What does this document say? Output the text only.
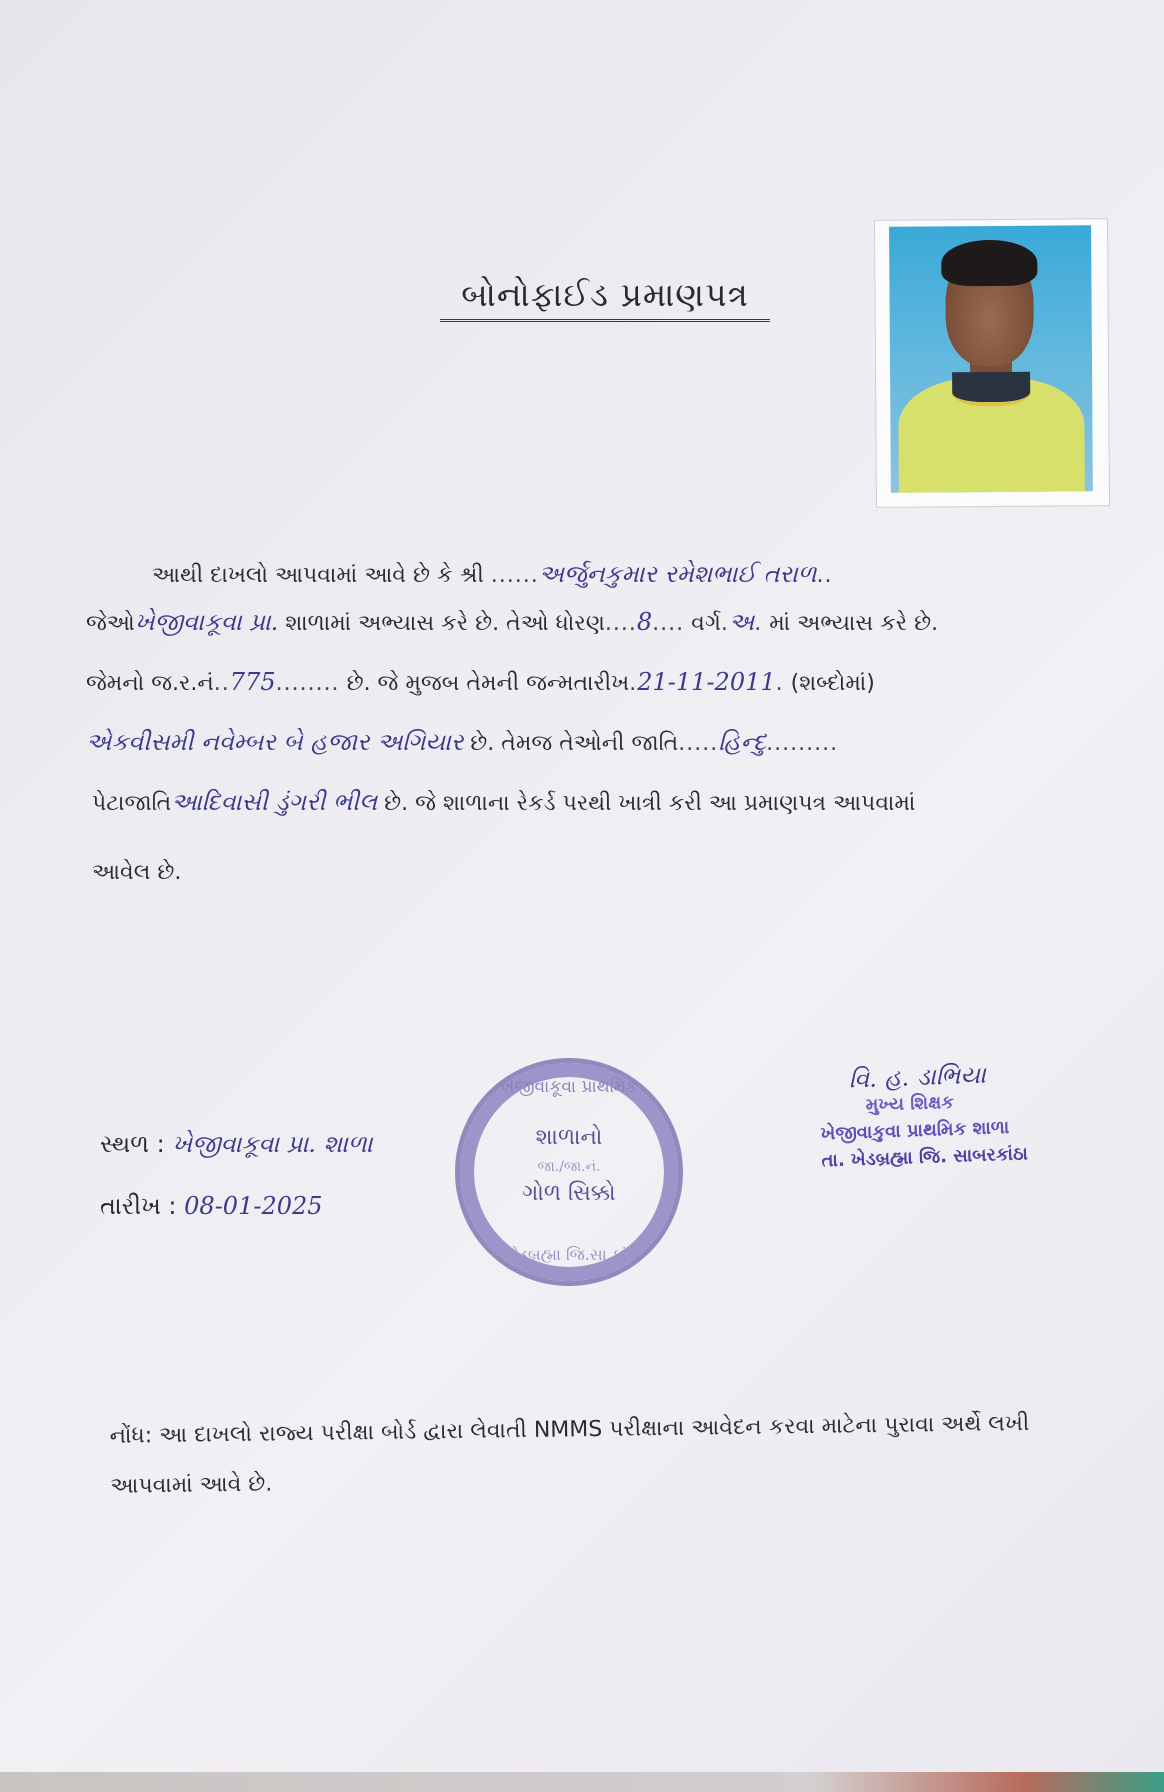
બોનોફાઈડ પ્રમાણપત્ર
આથી દાખલો આપવામાં આવે છે કે શ્રી ......અર્જુનકુમાર રમેશભાઈ તરાળ..
જેઓખેજીવાકૂવા પ્રા. શાળામાં અભ્યાસ કરે છે. તેઓ ધોરણ....8.... વર્ગ.અ. માં અભ્યાસ કરે છે.
જેમનો જ.ર.નં..775........ છે. જે મુજબ તેમની જન્મતારીખ.21-11-2011. (શબ્દોમાં)
એકવીસમી નવેમ્બર બે હજાર અગિયાર છે. તેમજ તેઓની જાતિ.....હિન્દુ.........
પેટાજાતિઆદિવાસી ડુંગરી ભીલ છે. જે શાળાના રેકર્ડ પરથી ખાત્રી કરી આ પ્રમાણપત્ર આપવામાં
આવેલ છે.
સ્થળ : ખેજીવાકૂવા પ્રા. શાળા
તારીખ : 08-01-2025
ખેજીવાકૂવા પ્રાથમિક
શાળાનો
જા./જા.નં.
ગોળ સિક્કો
ખેડબ્રહ્મા જિ.સા.કાં.
વિ. હ. ડાભિયા
મુખ્ય શિક્ષક
ખેજીવાકુવા પ્રાથમિક શાળા
તા. ખેડબ્રહ્મા જિ. સાબરકાંઠા
નોંધ: આ દાખલો રાજ્ય પરીક્ષા બોર્ડ દ્વારા લેવાતી NMMS પરીક્ષાના આવેદન કરવા માટેના પુરાવા અર્થે લખી
આપવામાં આવે છે.
